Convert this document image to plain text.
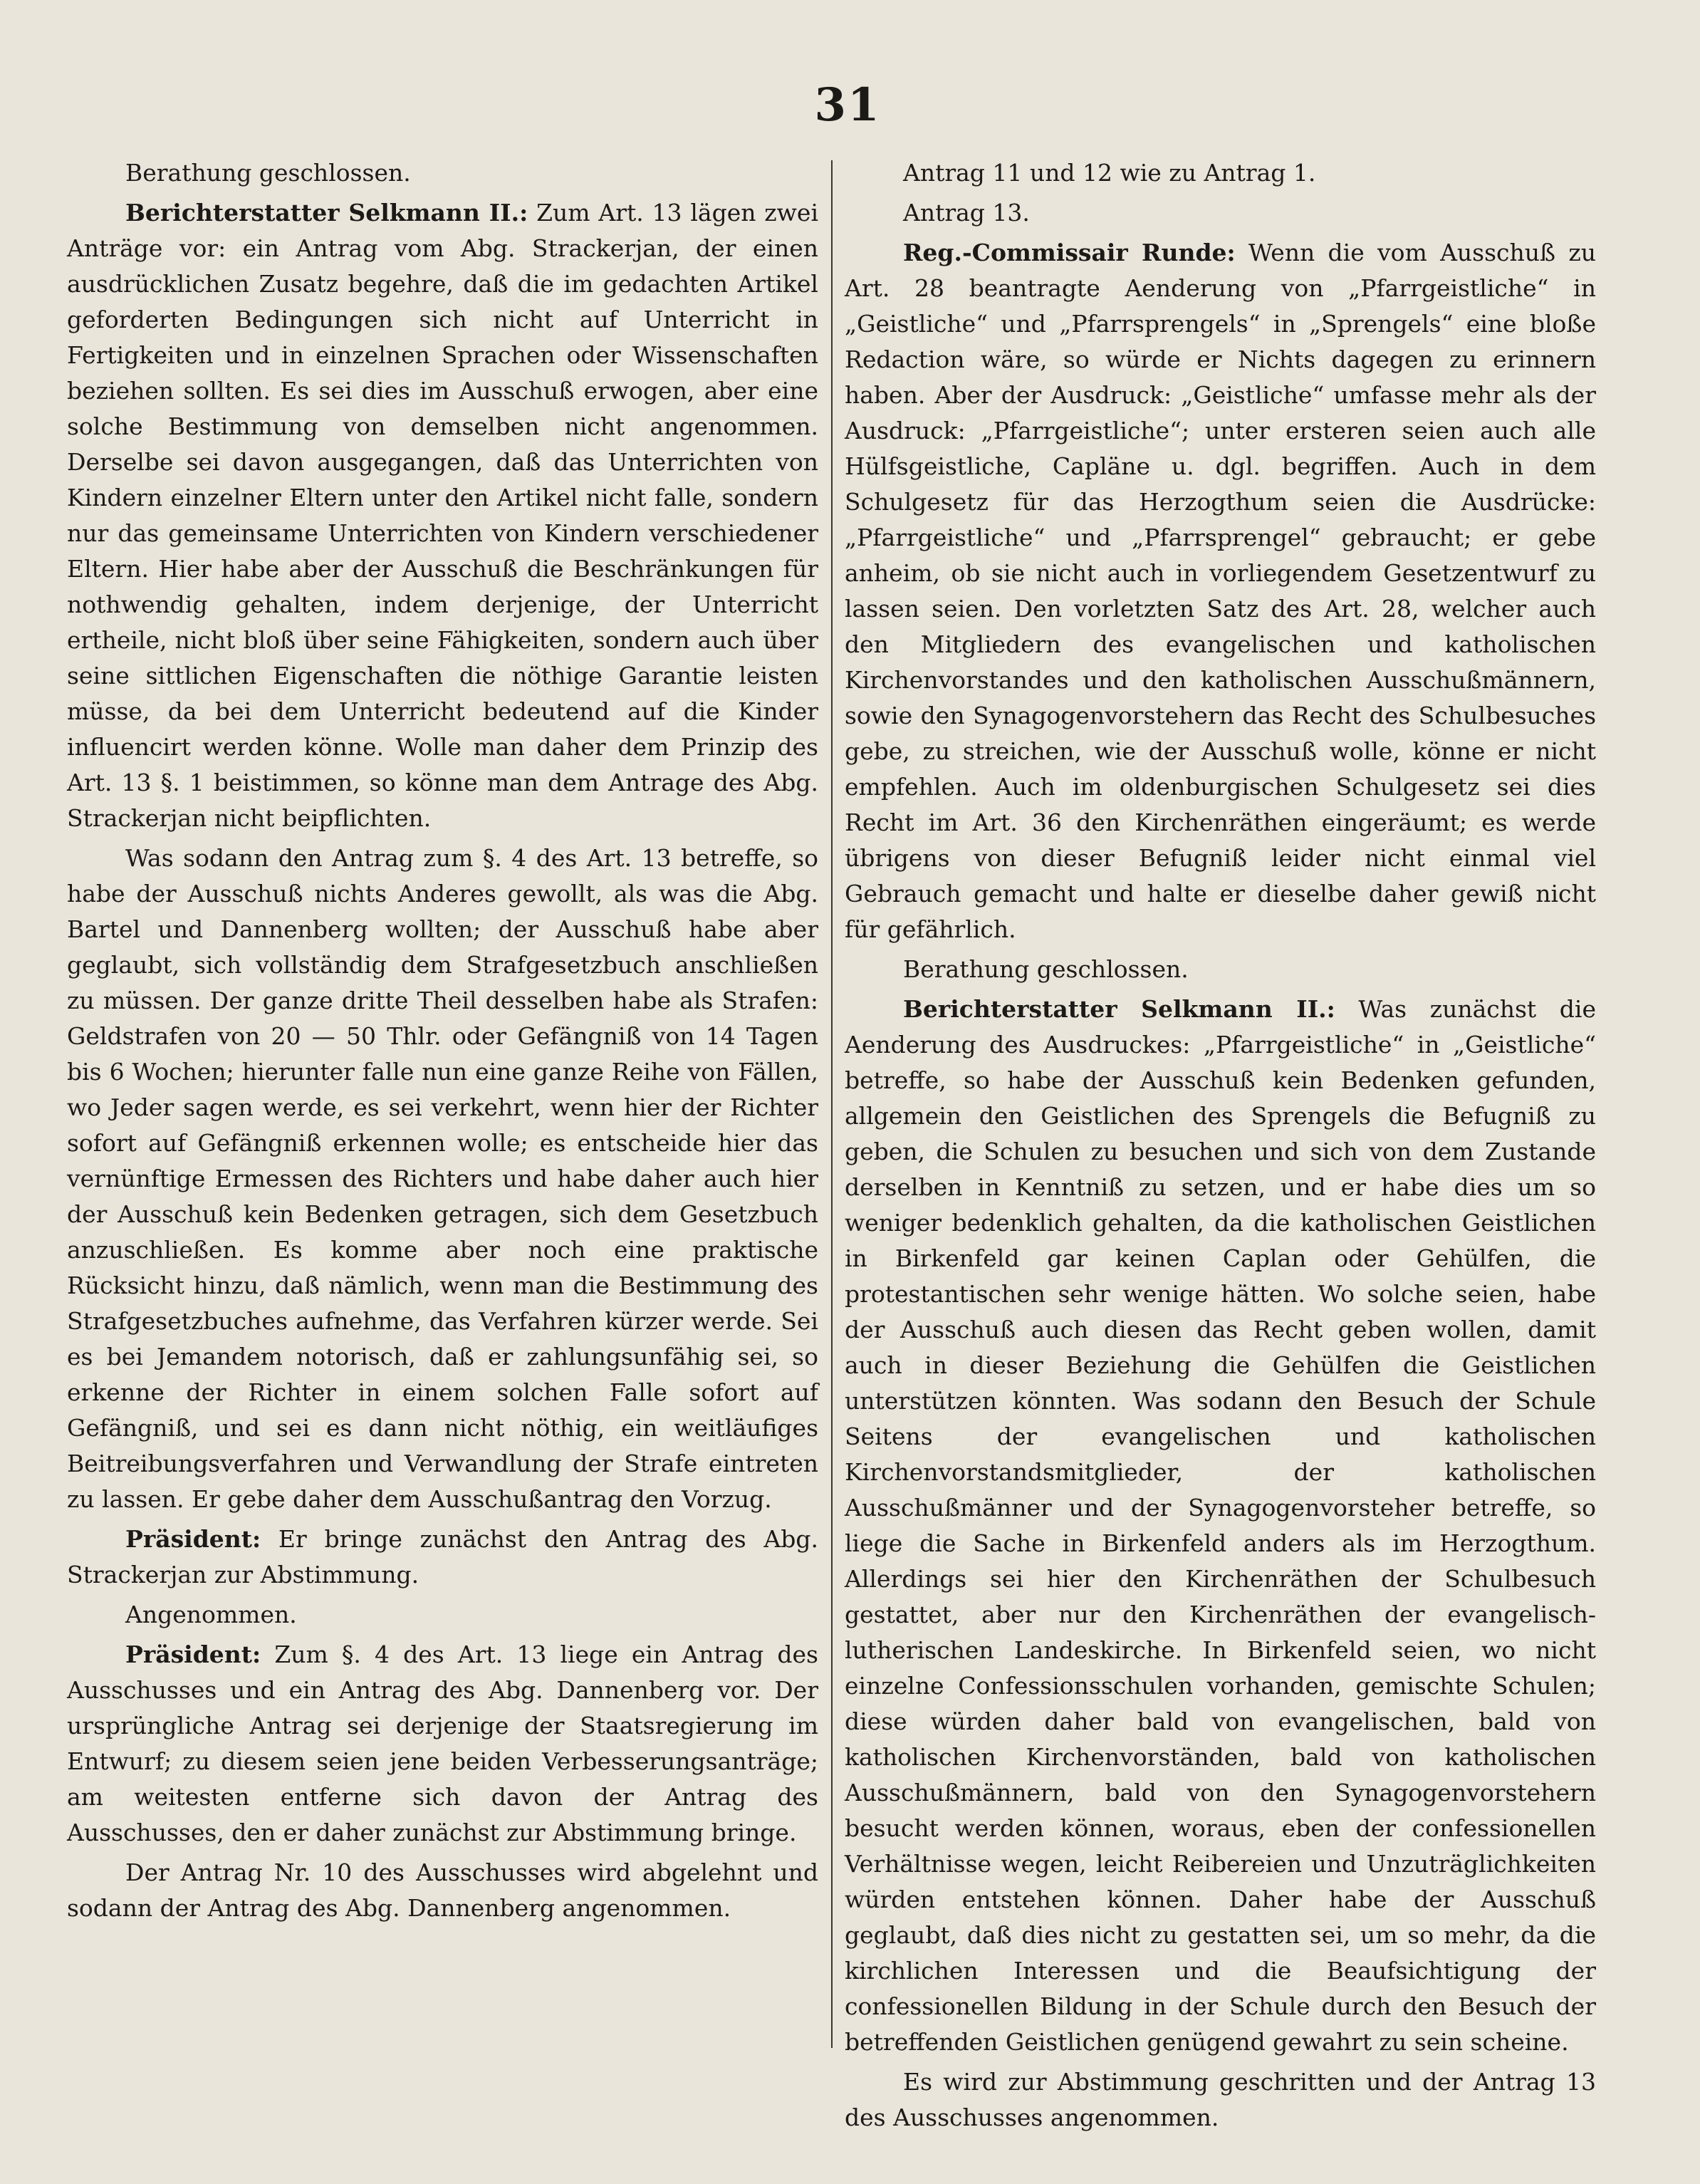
31

Berathung geschlossen.

Berichterstatter Selkmann II.: Zum Art. 13 lägen zwei Anträge vor: ein Antrag vom Abg. Strackerjan, der einen ausdrücklichen Zusatz begehre, daß die im gedachten Artikel geforderten Bedingungen sich nicht auf Unterricht in Fertigkeiten und in einzelnen Sprachen oder Wissenschaften beziehen sollten. Es sei dies im Ausschuß erwogen, aber eine solche Bestimmung von demselben nicht angenommen. Derselbe sei davon ausgegangen, daß das Unterrichten von Kindern einzelner Eltern unter den Artikel nicht falle, sondern nur das gemeinsame Unterrichten von Kindern verschiedener Eltern. Hier habe aber der Ausschuß die Beschränkungen für nothwendig gehalten, indem derjenige, der Unterricht ertheile, nicht bloß über seine Fähigkeiten, sondern auch über seine sittlichen Eigenschaften die nöthige Garantie leisten müsse, da bei dem Unterricht bedeutend auf die Kinder influencirt werden könne. Wolle man daher dem Prinzip des Art. 13 §. 1 beistimmen, so könne man dem Antrage des Abg. Strackerjan nicht beipflichten.

Was sodann den Antrag zum §. 4 des Art. 13 betreffe, so habe der Ausschuß nichts Anderes gewollt, als was die Abg. Bartel und Dannenberg wollten; der Ausschuß habe aber geglaubt, sich vollständig dem Strafgesetzbuch anschließen zu müssen. Der ganze dritte Theil desselben habe als Strafen: Geldstrafen von 20 — 50 Thlr. oder Gefängniß von 14 Tagen bis 6 Wochen; hierunter falle nun eine ganze Reihe von Fällen, wo Jeder sagen werde, es sei verkehrt, wenn hier der Richter sofort auf Gefängniß erkennen wolle; es entscheide hier das vernünftige Ermessen des Richters und habe daher auch hier der Ausschuß kein Bedenken getragen, sich dem Gesetzbuch anzuschließen. Es komme aber noch eine praktische Rücksicht hinzu, daß nämlich, wenn man die Bestimmung des Strafgesetzbuches aufnehme, das Verfahren kürzer werde. Sei es bei Jemandem notorisch, daß er zahlungsunfähig sei, so erkenne der Richter in einem solchen Falle sofort auf Gefängniß, und sei es dann nicht nöthig, ein weitläufiges Beitreibungsverfahren und Verwandlung der Strafe eintreten zu lassen. Er gebe daher dem Ausschußantrag den Vorzug.

Präsident: Er bringe zunächst den Antrag des Abg. Strackerjan zur Abstimmung.

Angenommen.

Präsident: Zum §. 4 des Art. 13 liege ein Antrag des Ausschusses und ein Antrag des Abg. Dannenberg vor. Der ursprüngliche Antrag sei derjenige der Staatsregierung im Entwurf; zu diesem seien jene beiden Verbesserungsanträge; am weitesten entferne sich davon der Antrag des Ausschusses, den er daher zunächst zur Abstimmung bringe.

Der Antrag Nr. 10 des Ausschusses wird abgelehnt und sodann der Antrag des Abg. Dannenberg angenommen.

Antrag 11 und 12 wie zu Antrag 1.

Antrag 13.

Reg.-Commissair Runde: Wenn die vom Ausschuß zu Art. 28 beantragte Aenderung von „Pfarrgeistliche“ in „Geistliche“ und „Pfarrsprengels“ in „Sprengels“ eine bloße Redaction wäre, so würde er Nichts dagegen zu erinnern haben. Aber der Ausdruck: „Geistliche“ umfasse mehr als der Ausdruck: „Pfarrgeistliche“; unter ersteren seien auch alle Hülfsgeistliche, Capläne u. dgl. begriffen. Auch in dem Schulgesetz für das Herzogthum seien die Ausdrücke: „Pfarrgeistliche“ und „Pfarrsprengel“ gebraucht; er gebe anheim, ob sie nicht auch in vorliegendem Gesetzentwurf zu lassen seien. Den vorletzten Satz des Art. 28, welcher auch den Mitgliedern des evangelischen und katholischen Kirchenvorstandes und den katholischen Ausschußmännern, sowie den Synagogenvorstehern das Recht des Schulbesuches gebe, zu streichen, wie der Ausschuß wolle, könne er nicht empfehlen. Auch im oldenburgischen Schulgesetz sei dies Recht im Art. 36 den Kirchenräthen eingeräumt; es werde übrigens von dieser Befugniß leider nicht einmal viel Gebrauch gemacht und halte er dieselbe daher gewiß nicht für gefährlich.

Berathung geschlossen.

Berichterstatter Selkmann II.: Was zunächst die Aenderung des Ausdruckes: „Pfarrgeistliche“ in „Geistliche“ betreffe, so habe der Ausschuß kein Bedenken gefunden, allgemein den Geistlichen des Sprengels die Befugniß zu geben, die Schulen zu besuchen und sich von dem Zustande derselben in Kenntniß zu setzen, und er habe dies um so weniger bedenklich gehalten, da die katholischen Geistlichen in Birkenfeld gar keinen Caplan oder Gehülfen, die protestantischen sehr wenige hätten. Wo solche seien, habe der Ausschuß auch diesen das Recht geben wollen, damit auch in dieser Beziehung die Gehülfen die Geistlichen unterstützen könnten. Was sodann den Besuch der Schule Seitens der evangelischen und katholischen Kirchenvorstandsmitglieder, der katholischen Ausschußmänner und der Synagogenvorsteher betreffe, so liege die Sache in Birkenfeld anders als im Herzogthum. Allerdings sei hier den Kirchenräthen der Schulbesuch gestattet, aber nur den Kirchenräthen der evangelisch-lutherischen Landeskirche. In Birkenfeld seien, wo nicht einzelne Confessionsschulen vorhanden, gemischte Schulen; diese würden daher bald von evangelischen, bald von katholischen Kirchenvorständen, bald von katholischen Ausschußmännern, bald von den Synagogenvorstehern besucht werden können, woraus, eben der confessionellen Verhältnisse wegen, leicht Reibereien und Unzuträglichkeiten würden entstehen können. Daher habe der Ausschuß geglaubt, daß dies nicht zu gestatten sei, um so mehr, da die kirchlichen Interessen und die Beaufsichtigung der confessionellen Bildung in der Schule durch den Besuch der betreffenden Geistlichen genügend gewahrt zu sein scheine.

Es wird zur Abstimmung geschritten und der Antrag 13 des Ausschusses angenommen.
